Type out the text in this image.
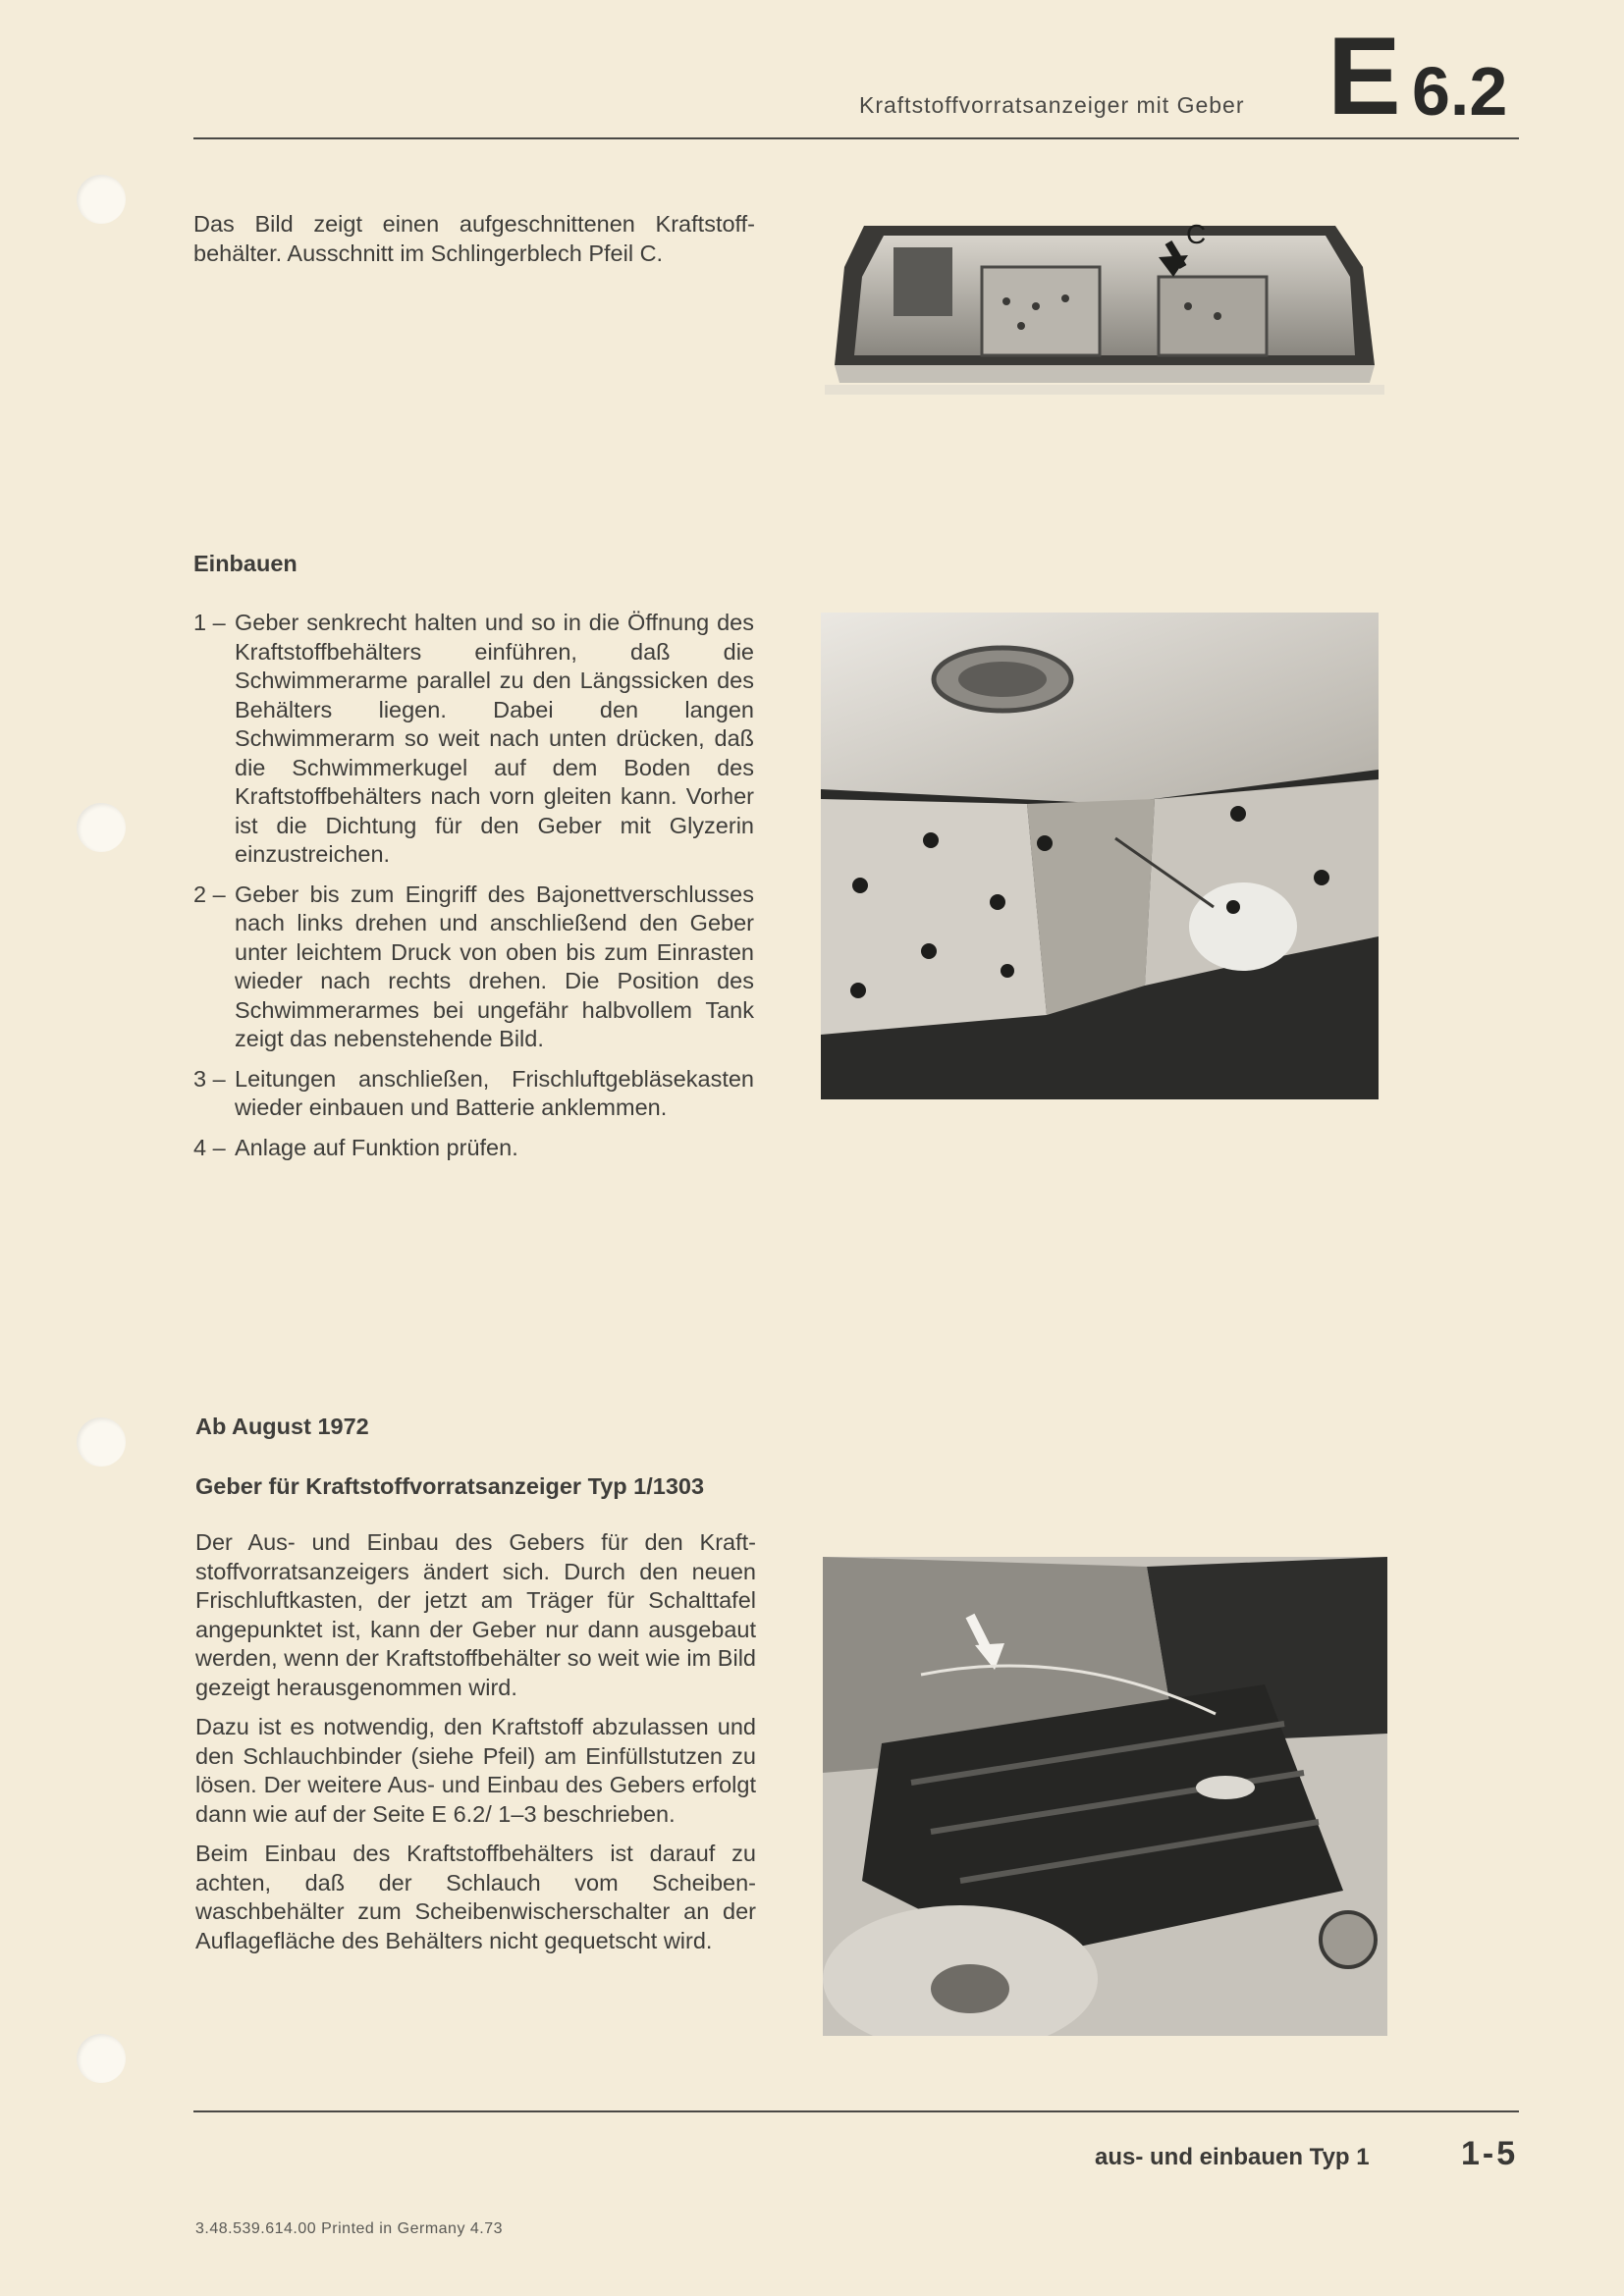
Kraftstoffvorratsanzeiger mit Geber E 6.2
Das Bild zeigt einen aufgeschnittenen Kraftstoffbehälter. Ausschnitt im Schlingerblech Pfeil C.
C
Einbauen
1 – Geber senkrecht halten und so in die Öffnung des Kraftstoffbehälters einführen, daß die Schwimmerarme parallel zu den Längssicken des Behälters liegen. Dabei den langen Schwimmerarm so weit nach unten drücken, daß die Schwimmerkugel auf dem Boden des Kraftstoffbehälters nach vorn gleiten kann. Vorher ist die Dichtung für den Geber mit Glyzerin einzustreichen.
2 – Geber bis zum Eingriff des Bajonettverschlusses nach links drehen und anschließend den Geber unter leichtem Druck von oben bis zum Einrasten wieder nach rechts drehen. Die Position des Schwimmerarmes bei ungefähr halbvollem Tank zeigt das nebenstehende Bild.
3 – Leitungen anschließen, Frischluftgebläsekasten wieder einbauen und Batterie anklemmen.
4 – Anlage auf Funktion prüfen.
Ab August 1972
Geber für Kraftstoffvorratsanzeiger Typ 1/1303
Der Aus- und Einbau des Gebers für den Kraftstoffvorratsanzeigers ändert sich. Durch den neuen Frischluftkasten, der jetzt am Träger für Schalttafel angepunktet ist, kann der Geber nur dann ausgebaut werden, wenn der Kraftstoffbehälter so weit wie im Bild gezeigt herausgenommen wird.
Dazu ist es notwendig, den Kraftstoff abzulassen und den Schlauchbinder (siehe Pfeil) am Einfüllstutzen zu lösen. Der weitere Aus- und Einbau des Gebers erfolgt dann wie auf der Seite E 6.2/ 1–3 beschrieben.
Beim Einbau des Kraftstoffbehälters ist darauf zu achten, daß der Schlauch vom Scheibenwaschbehälter zum Scheibenwischerschalter an der Auflagefläche des Behälters nicht gequetscht wird.
aus- und einbauen Typ 1	1-5
3.48.539.614.00 Printed in Germany 4.73
